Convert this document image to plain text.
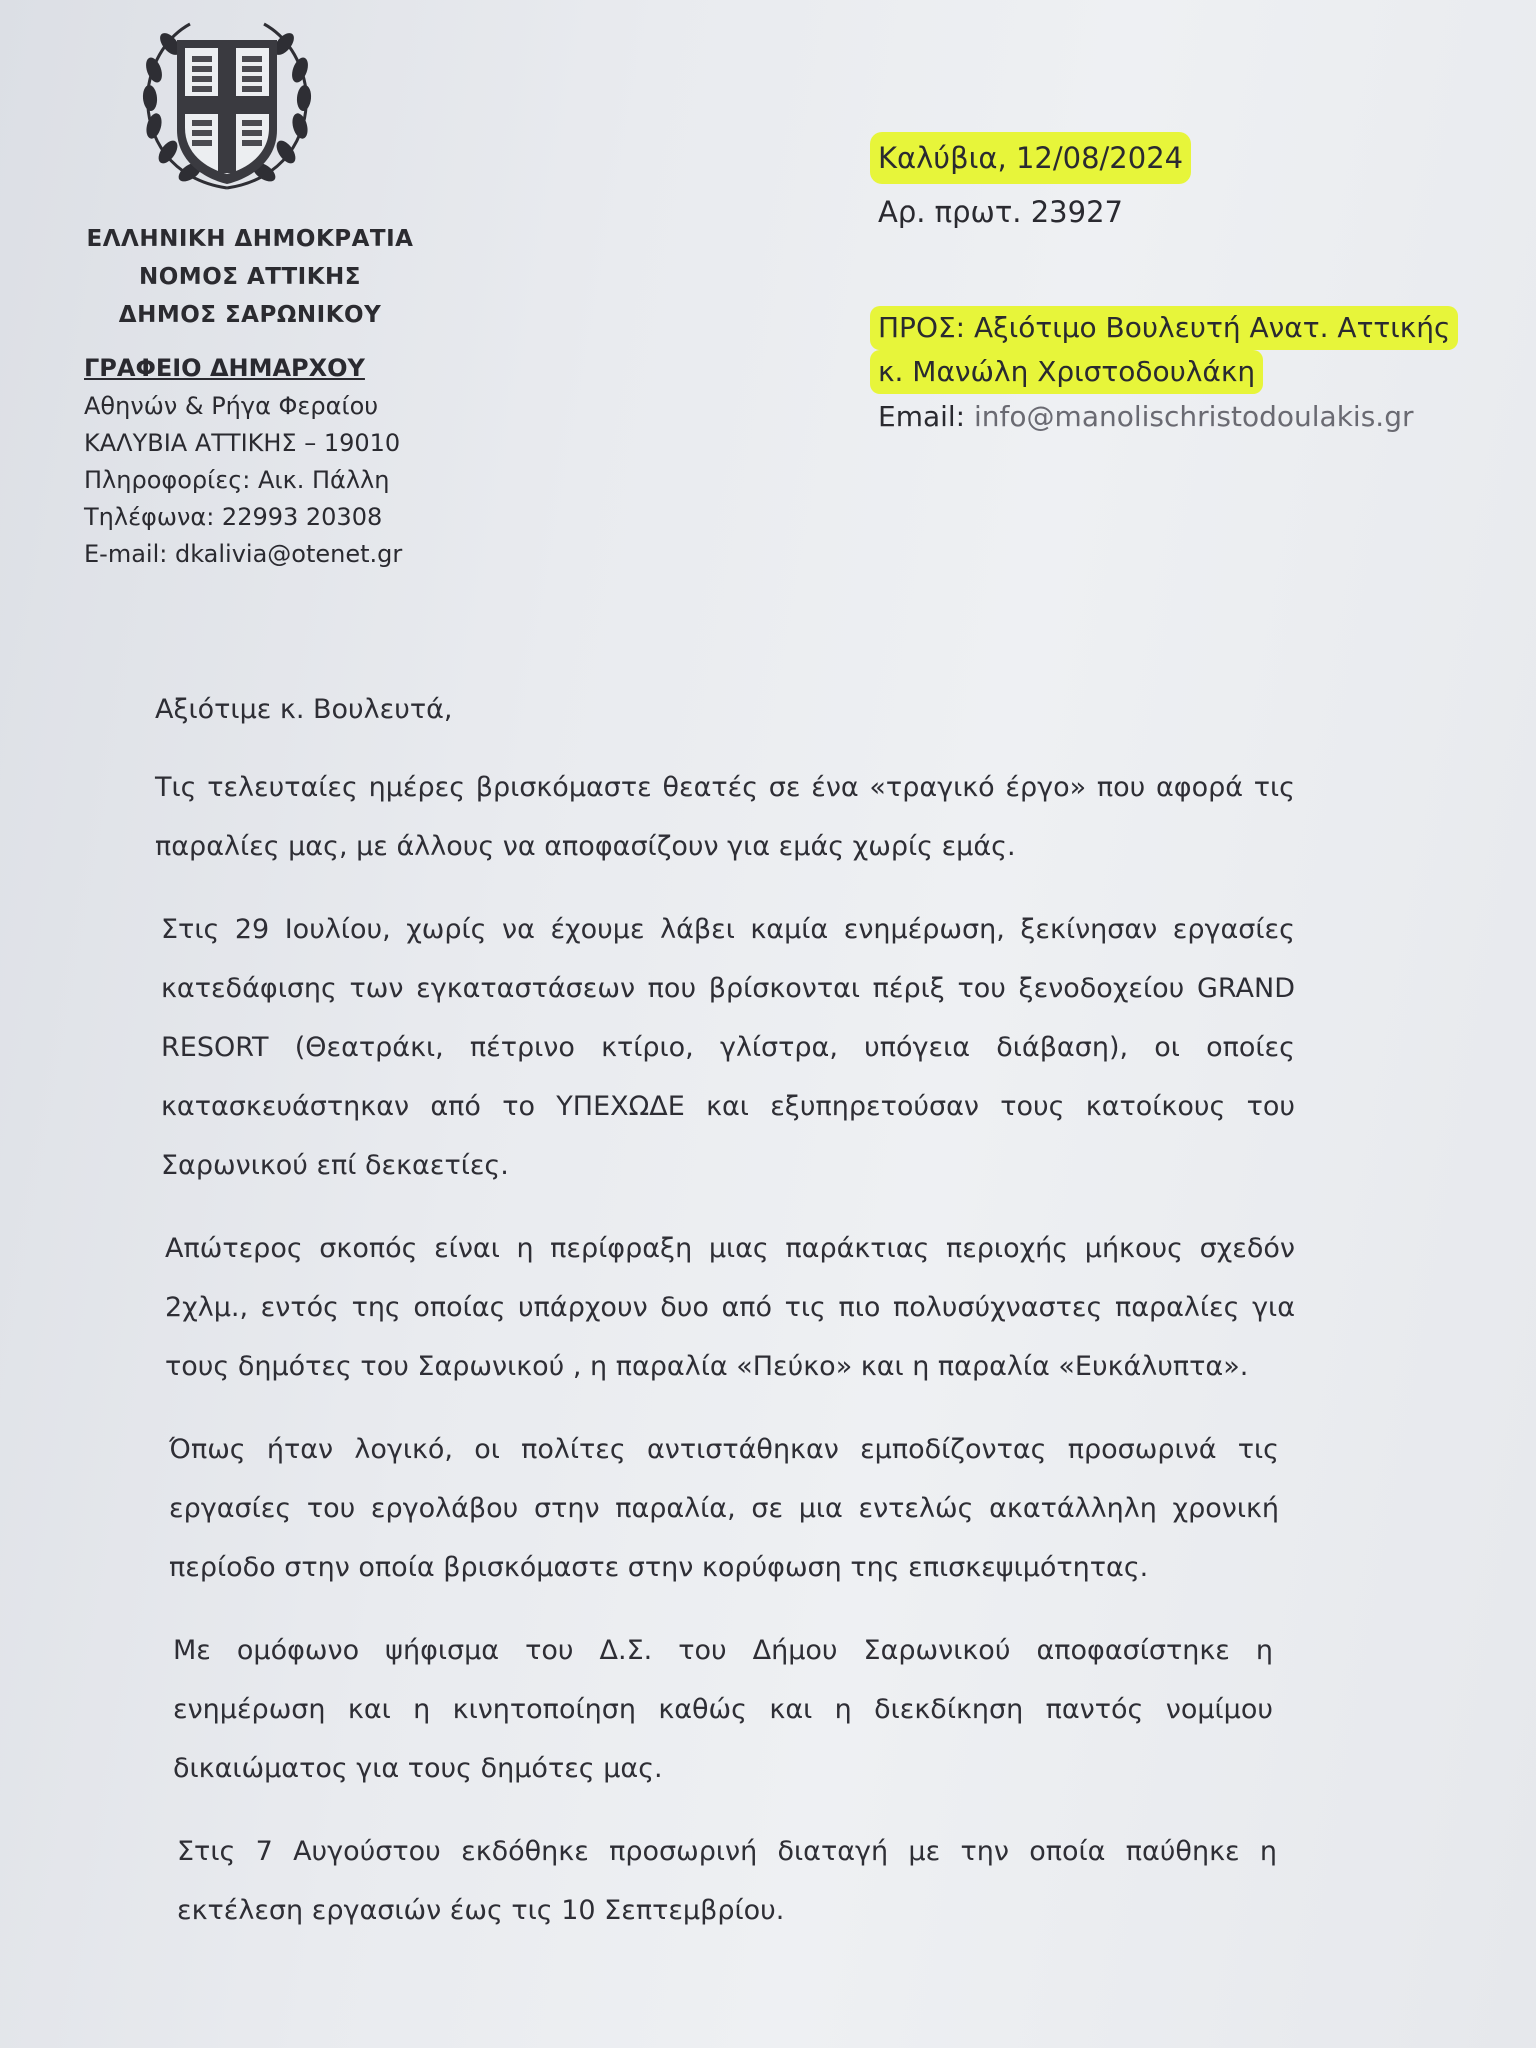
ΕΛΛΗΝΙΚΗ ΔΗΜΟΚΡΑΤΙΑ
ΝΟΜΟΣ ΑΤΤΙΚΗΣ
ΔΗΜΟΣ ΣΑΡΩΝΙΚΟΥ
ΓΡΑΦΕΙΟ ΔΗΜΑΡΧΟΥ
Αθηνών & Ρήγα Φεραίου
ΚΑΛΥΒΙΑ ΑΤΤΙΚΗΣ – 19010
Πληροφορίες: Αικ. Πάλλη
Τηλέφωνα: 22993 20308
E-mail: dkalivia@otenet.gr
Καλύβια, 12/08/2024
Αρ. πρωτ. 23927
ΠΡΟΣ: Αξιότιμο Βουλευτή Ανατ. Αττικής
κ. Μανώλη Χριστοδουλάκη
Email: info@manolischristodoulakis.gr
Αξιότιμε κ. Βουλευτά,

Τις τελευταίες ημέρες βρισκόμαστε θεατές σε ένα «τραγικό έργο» που αφορά τις παραλίες μας, με άλλους να αποφασίζουν για εμάς χωρίς εμάς.

Στις 29 Ιουλίου, χωρίς να έχουμε λάβει καμία ενημέρωση, ξεκίνησαν εργασίες κατεδάφισης των εγκαταστάσεων που βρίσκονται πέριξ του ξενοδοχείου GRAND RESORT (Θεατράκι, πέτρινο κτίριο, γλίστρα, υπόγεια διάβαση), οι οποίες κατασκευάστηκαν από το ΥΠΕΧΩΔΕ και εξυπηρετούσαν τους κατοίκους του Σαρωνικού επί δεκαετίες.

Απώτερος σκοπός είναι η περίφραξη μιας παράκτιας περιοχής μήκους σχεδόν 2χλμ., εντός της οποίας υπάρχουν δυο από τις πιο πολυσύχναστες παραλίες για τους δημότες του Σαρωνικού , η παραλία «Πεύκο» και η παραλία «Ευκάλυπτα».

Όπως ήταν λογικό, οι πολίτες αντιστάθηκαν εμποδίζοντας προσωρινά τις εργασίες του εργολάβου στην παραλία, σε μια εντελώς ακατάλληλη χρονική περίοδο στην οποία βρισκόμαστε στην κορύφωση της επισκεψιμότητας.

Με ομόφωνο ψήφισμα του Δ.Σ. του Δήμου Σαρωνικού αποφασίστηκε η ενημέρωση και η κινητοποίηση καθώς και η διεκδίκηση παντός νομίμου δικαιώματος για τους δημότες μας.

Στις 7 Αυγούστου εκδόθηκε προσωρινή διαταγή με την οποία παύθηκε η εκτέλεση εργασιών έως τις 10 Σεπτεμβρίου.
